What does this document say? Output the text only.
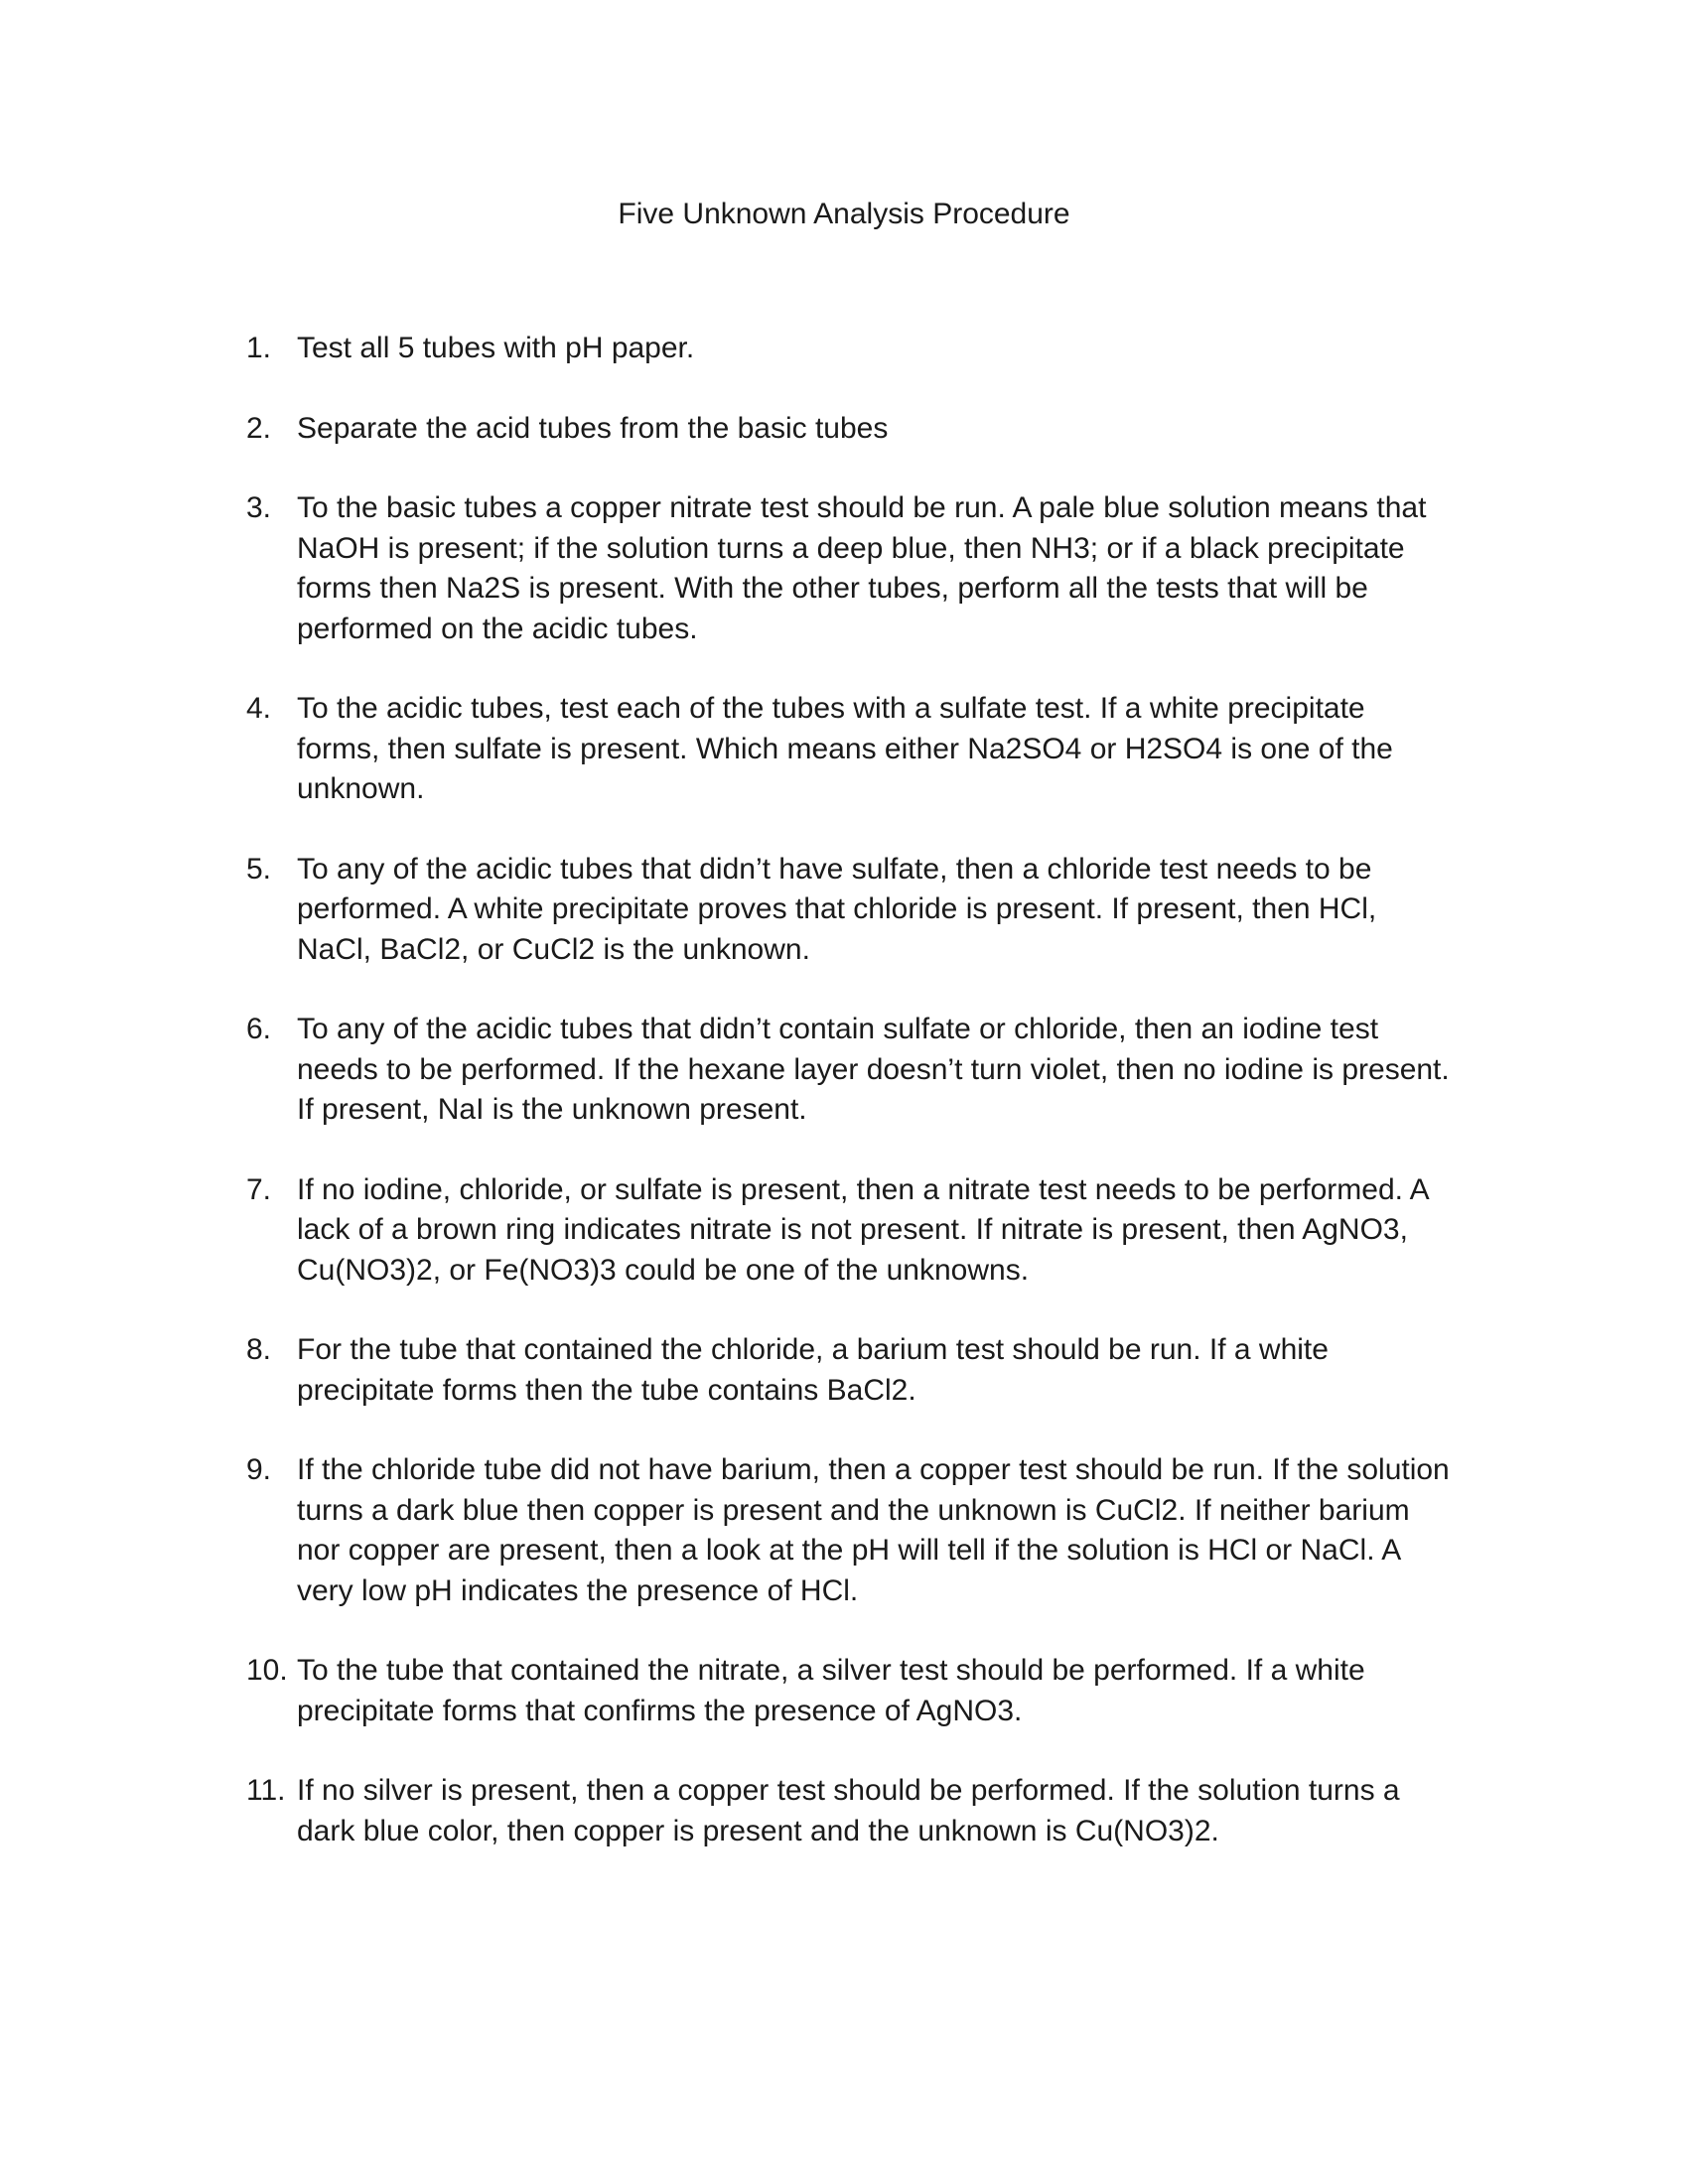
Five Unknown Analysis Procedure
1. Test all 5 tubes with pH paper.
2. Separate the acid tubes from the basic tubes
3. To the basic tubes a copper nitrate test should be run. A pale blue solution means that
NaOH is present; if the solution turns a deep blue, then NH3; or if a black precipitate
forms then Na2S is present. With the other tubes, perform all the tests that will be
performed on the acidic tubes.
4. To the acidic tubes, test each of the tubes with a sulfate test. If a white precipitate
forms, then sulfate is present. Which means either Na2SO4 or H2SO4 is one of the
unknown.
5. To any of the acidic tubes that didn’t have sulfate, then a chloride test needs to be
performed. A white precipitate proves that chloride is present. If present, then HCl,
NaCl, BaCl2, or CuCl2 is the unknown.
6. To any of the acidic tubes that didn’t contain sulfate or chloride, then an iodine test
needs to be performed. If the hexane layer doesn’t turn violet, then no iodine is present.
If present, NaI is the unknown present.
7. If no iodine, chloride, or sulfate is present, then a nitrate test needs to be performed. A
lack of a brown ring indicates nitrate is not present. If nitrate is present, then AgNO3,
Cu(NO3)2, or Fe(NO3)3 could be one of the unknowns.
8. For the tube that contained the chloride, a barium test should be run. If a white
precipitate forms then the tube contains BaCl2.
9. If the chloride tube did not have barium, then a copper test should be run. If the solution
turns a dark blue then copper is present and the unknown is CuCl2. If neither barium
nor copper are present, then a look at the pH will tell if the solution is HCl or NaCl. A
very low pH indicates the presence of HCl.
10. To the tube that contained the nitrate, a silver test should be performed. If a white
precipitate forms that confirms the presence of AgNO3.
11. If no silver is present, then a copper test should be performed. If the solution turns a
dark blue color, then copper is present and the unknown is Cu(NO3)2.
